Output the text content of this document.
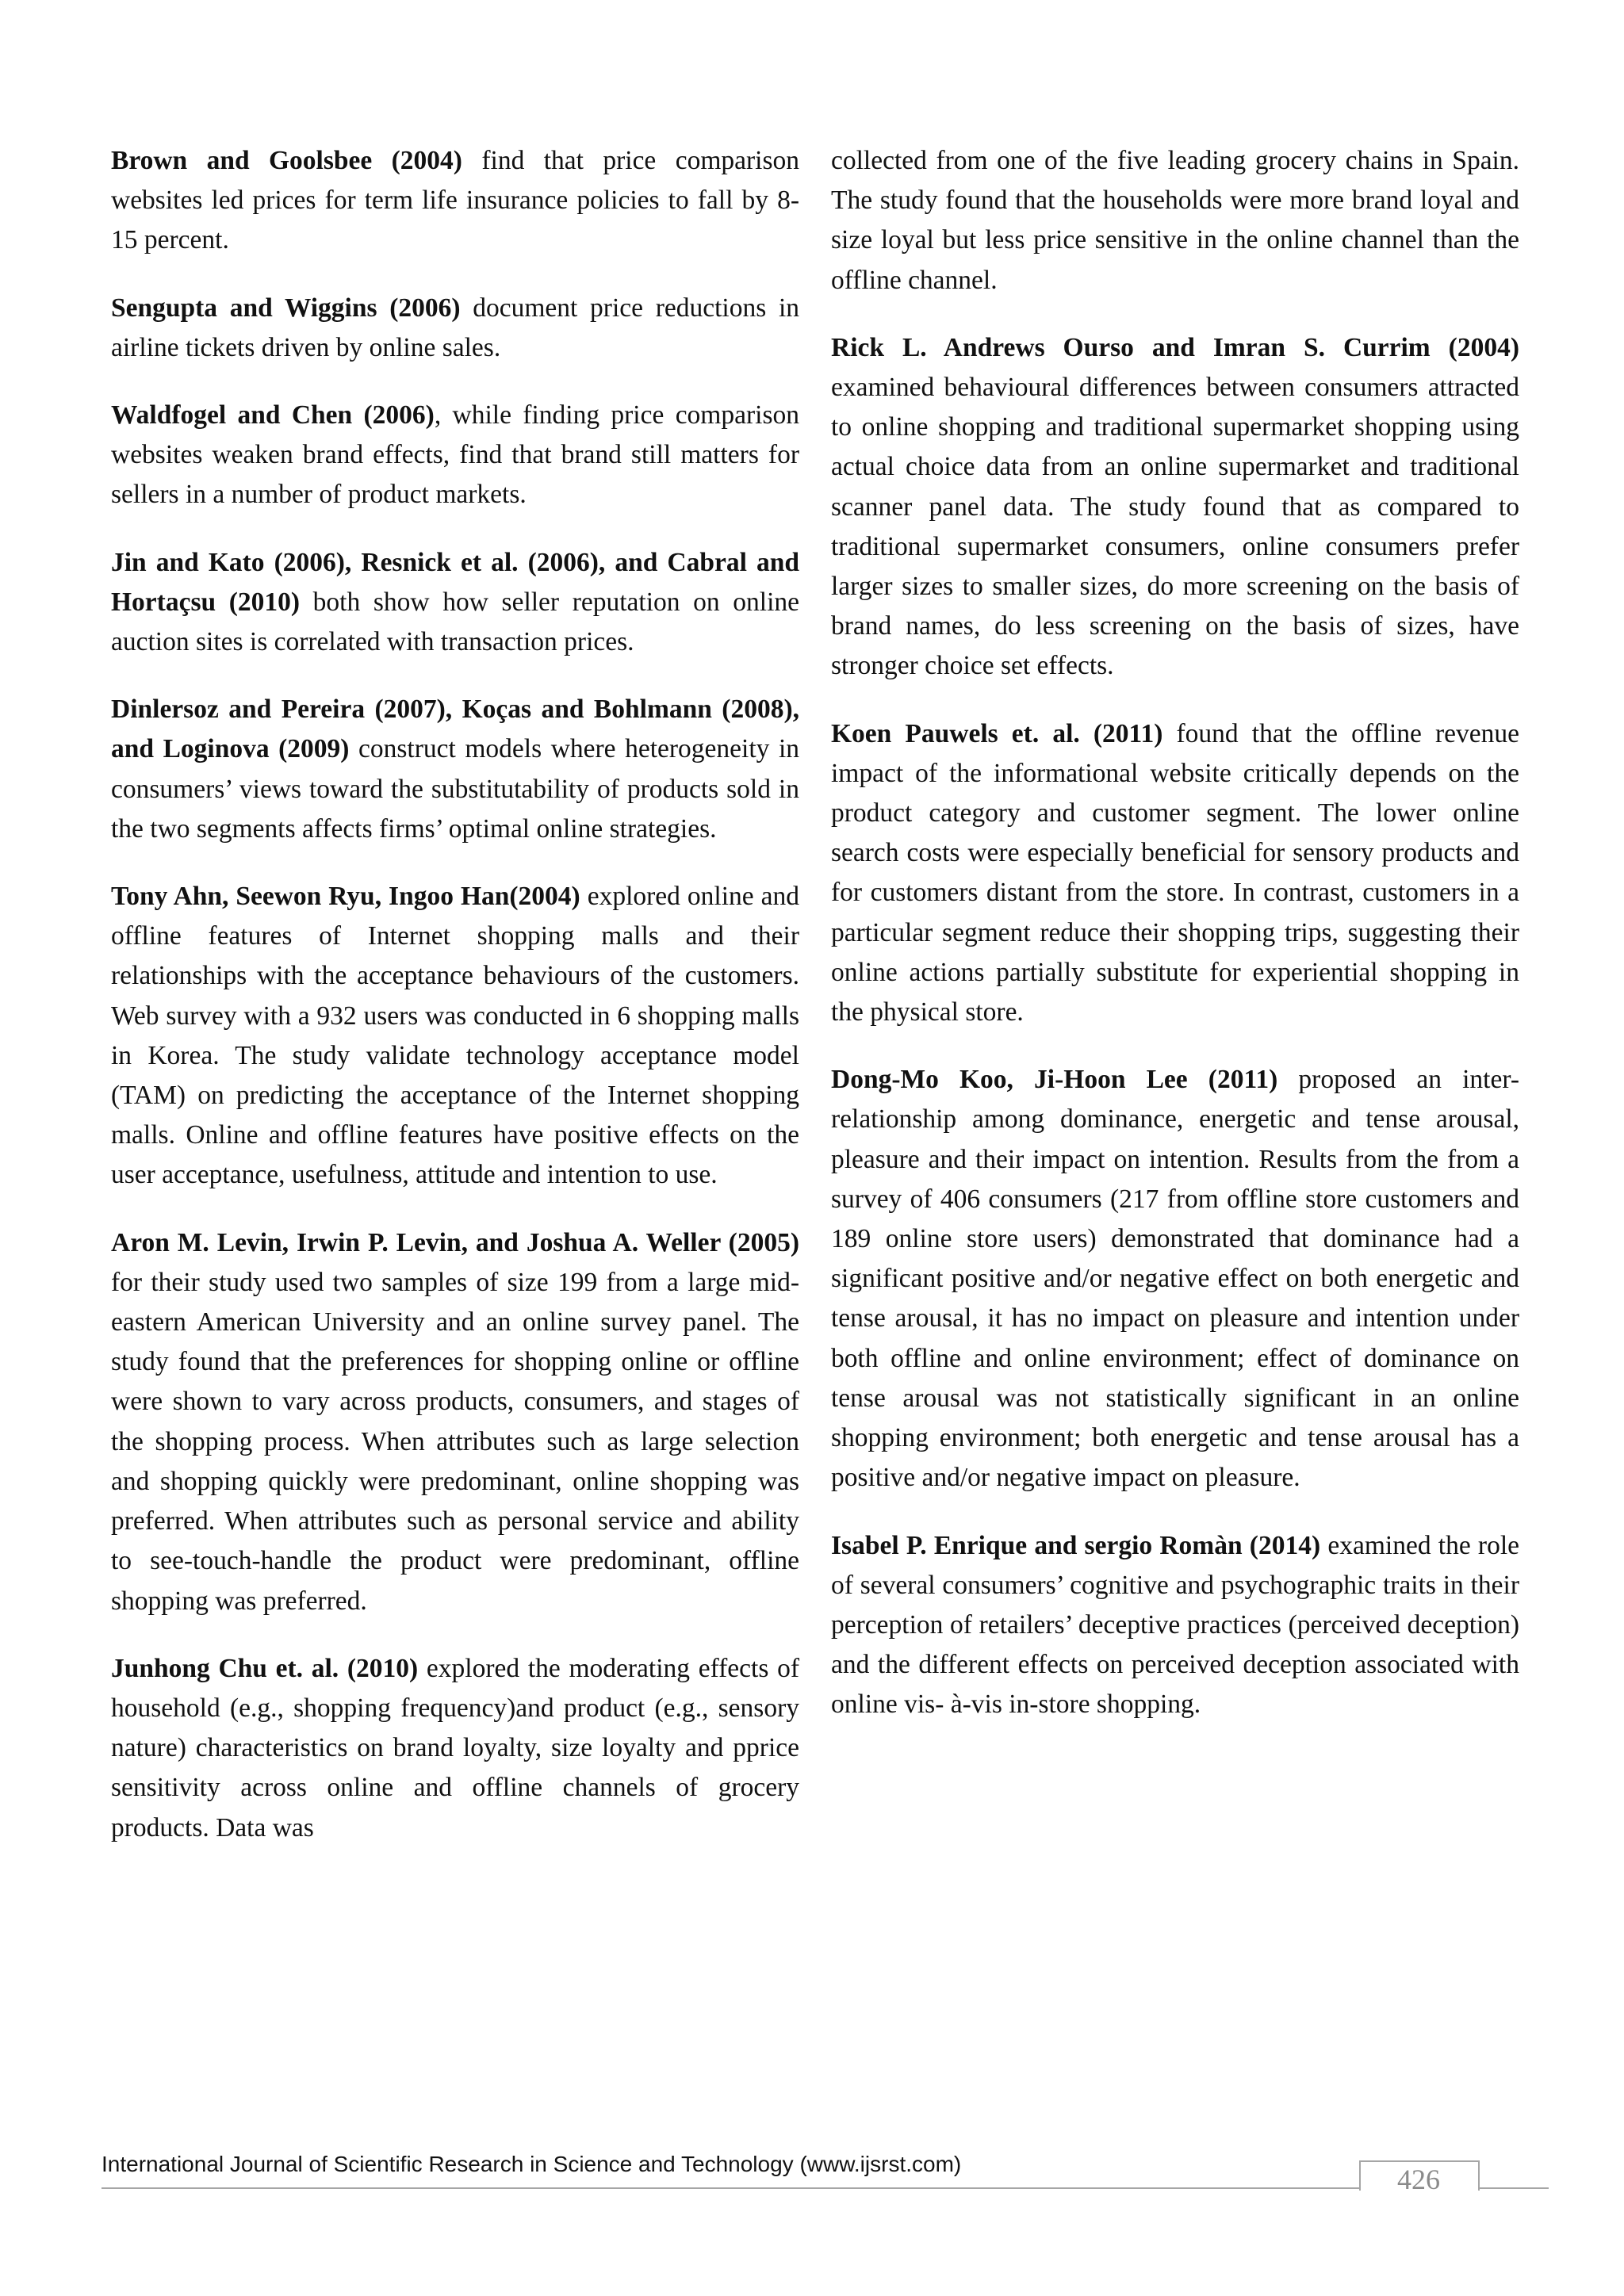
Brown and Goolsbee (2004) find that price comparison websites led prices for term life insurance policies to fall by 8-15 percent.

Sengupta and Wiggins (2006) document price reductions in airline tickets driven by online sales.

Waldfogel and Chen (2006), while finding price comparison websites weaken brand effects, find that brand still matters for sellers in a number of product markets.

Jin and Kato (2006), Resnick et al. (2006), and Cabral and Hortaçsu (2010) both show how seller reputation on online auction sites is correlated with transaction prices.

Dinlersoz and Pereira (2007), Koças and Bohlmann (2008), and Loginova (2009) construct models where heterogeneity in consumers’ views toward the substitutability of products sold in the two segments affects firms’ optimal online strategies.

Tony Ahn, Seewon Ryu, Ingoo Han(2004) explored online and offline features of Internet shopping malls and their relationships with the acceptance behaviours of the customers. Web survey with a 932 users was conducted in 6 shopping malls in Korea. The study validate technology acceptance model (TAM) on predicting the acceptance of the Internet shopping malls. Online and offline features have positive effects on the user acceptance, usefulness, attitude and intention to use.

Aron M. Levin, Irwin P. Levin, and Joshua A. Weller (2005) for their study used two samples of size 199 from a large mid-eastern American University and an online survey panel. The study found that the preferences for shopping online or offline were shown to vary across products, consumers, and stages of the shopping process. When attributes such as large selection and shopping quickly were predominant, online shopping was preferred. When attributes such as personal service and ability to see-touch-handle the product were predominant, offline shopping was preferred.

Junhong Chu et. al. (2010) explored the moderating effects of household (e.g., shopping frequency)and product (e.g., sensory nature) characteristics on brand loyalty, size loyalty and pprice sensitivity across online and offline channels of grocery products. Data was

collected from one of the five leading grocery chains in Spain. The study found that the households were more brand loyal and size loyal but less price sensitive in the online channel than the offline channel.

Rick L. Andrews Ourso and Imran S. Currim (2004) examined behavioural differences between consumers attracted to online shopping and traditional supermarket shopping using actual choice data from an online supermarket and traditional scanner panel data. The study found that as compared to traditional supermarket consumers, online consumers prefer larger sizes to smaller sizes, do more screening on the basis of brand names, do less screening on the basis of sizes, have stronger choice set effects.

Koen Pauwels et. al. (2011) found that the offline revenue impact of the informational website critically depends on the product category and customer segment. The lower online search costs were especially beneficial for sensory products and for customers distant from the store. In contrast, customers in a particular segment reduce their shopping trips, suggesting their online actions partially substitute for experiential shopping in the physical store.

Dong-Mo Koo, Ji-Hoon Lee (2011) proposed an inter-relationship among dominance, energetic and tense arousal, pleasure and their impact on intention. Results from the from a survey of 406 consumers (217 from offline store customers and 189 online store users) demonstrated that dominance had a significant positive and/or negative effect on both energetic and tense arousal, it has no impact on pleasure and intention under both offline and online environment; effect of dominance on tense arousal was not statistically significant in an online shopping environment; both energetic and tense arousal has a positive and/or negative impact on pleasure.

Isabel P. Enrique and sergio Romàn (2014) examined the role of several consumers’ cognitive and psychographic traits in their perception of retailers’ deceptive practices (perceived deception) and the different effects on perceived deception associated with online vis- à-vis in-store shopping.

International Journal of Scientific Research in Science and Technology (www.ijsrst.com)	426
